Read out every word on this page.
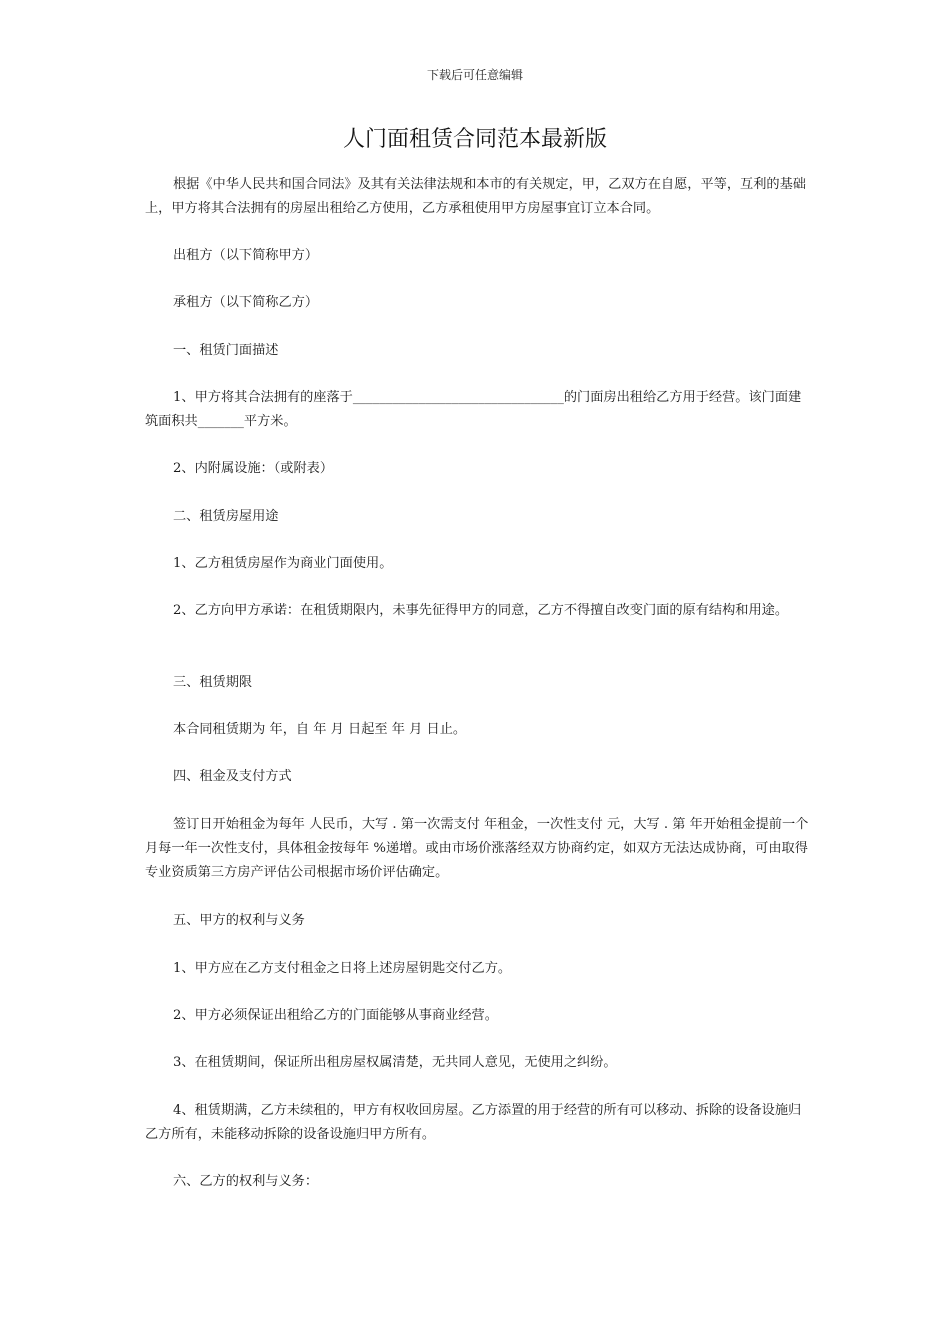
下载后可任意编辑
人门面租赁合同范本最新版

根据《中华人民共和国合同法》及其有关法律法规和本市的有关规定，甲，乙双方在自愿，平等，互利的基础上，甲方将其合法拥有的房屋出租给乙方使用，乙方承租使用甲方房屋事宜订立本合同。

出租方（以下简称甲方）

承租方（以下简称乙方）

一、租赁门面描述

1、甲方将其合法拥有的座落于________________________________的门面房出租给乙方用于经营。该门面建筑面积共_______平方米。

2、内附属设施：（或附表）

二、租赁房屋用途

1、乙方租赁房屋作为商业门面使用。

2、乙方向甲方承诺：在租赁期限内，未事先征得甲方的同意，乙方不得擅自改变门面的原有结构和用途。

三、租赁期限

本合同租赁期为 年，自 年 月 日起至 年 月 日止。

四、租金及支付方式

签订日开始租金为每年 人民币，大写 . 第一次需支付 年租金，一次性支付 元，大写 . 第 年开始租金提前一个月每一年一次性支付，具体租金按每年 %递增。或由市场价涨落经双方协商约定，如双方无法达成协商，可由取得专业资质第三方房产评估公司根据市场价评估确定。

五、甲方的权利与义务

1、甲方应在乙方支付租金之日将上述房屋钥匙交付乙方。

2、甲方必须保证出租给乙方的门面能够从事商业经营。

3、在租赁期间，保证所出租房屋权属清楚，无共同人意见，无使用之纠纷。

4、租赁期满，乙方未续租的，甲方有权收回房屋。乙方添置的用于经营的所有可以移动、拆除的设备设施归乙方所有，未能移动拆除的设备设施归甲方所有。

六、乙方的权利与义务：
